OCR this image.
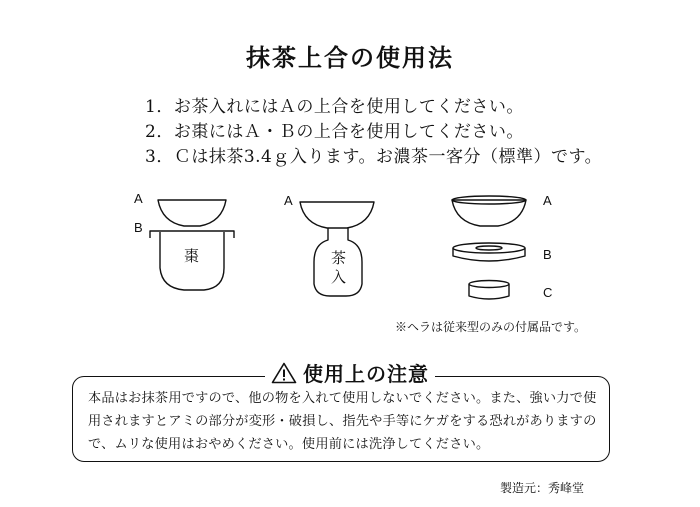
抹茶上合の使用法
1．お茶入れにはＡの上合を使用してください。
2．お棗にはＡ・Ｂの上合を使用してください。
3．Ｃは抹茶3.4ｇ入ります。お濃茶一客分（標準）です。
A
B
棗
A
茶
入
A
B
C
※ヘラは従来型のみの付属品です。
使用上の注意
本品はお抹茶用ですので、他の物を入れて使用しないでください。また、強い力で使用されますとアミの部分が変形・破損し、指先や手等にケガをする恐れがありますので、ムリな使用はおやめください。使用前には洗浄してください。
製造元：秀峰堂
